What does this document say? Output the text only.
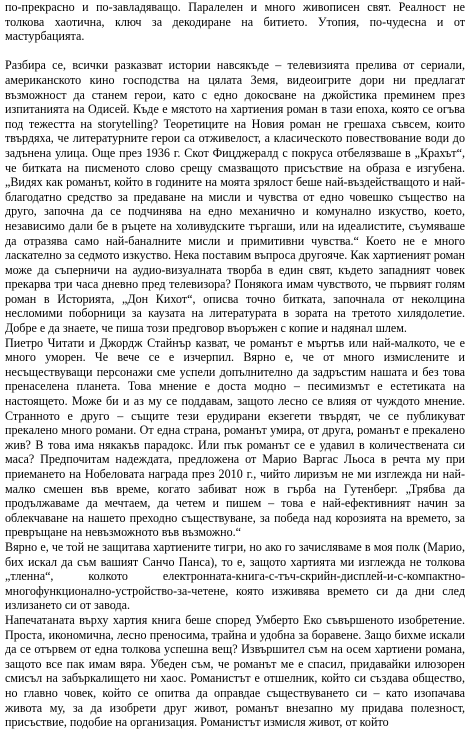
по-прекрасно и по-завладяващо. Паралелен и много живописен свят. Реалност не толкова хаотична, ключ за декодиране на битието. Утопия, по-чудесна и от мастурбацията.

Разбира се, всички разказват истории навсякъде – телевизията прелива от сериали, американското кино господства на цялата Земя, видеоигрите дори ни предлагат възможност да станем герои, като с едно докосване на джойстика преминем през изпитанията на Одисей. Къде е мястото на хартиения роман в тази епоха, която се огъва под тежестта на storytelling? Теоретиците на Новия роман не грешаха съвсем, които твърдяха, че литературните герои са отживелост, а класическото повествование води до задънена улица. Още през 1936 г. Скот Фицджералд с покруса отбелязваше в „Крахът“, че битката на писменото слово срещу смазващото присъствие на образа е изгубена. „Видях как романът, който в годините на моята зрялост беше най-въздействащото и най-благодатно средство за предаване на мисли и чувства от едно човешко същество на друго, започна да се подчинява на едно механично и комунално изкуство, което, независимо дали бе в ръцете на холивудските търгаши, или на идеалистите, съумяваше да отразява само най-баналните мисли и примитивни чувства.“ Което не е много ласкателно за седмото изкуство. Нека поставим въпроса другояче. Как хартиеният роман може да съперничи на аудио-визуалната творба в един свят, където западният човек прекарва три часа дневно пред телевизора? Понякога имам чувството, че първият голям роман в Историята, „Дон Кихот“, описва точно битката, започнала от неколцина несломими поборници за каузата на литературата в зората на третото хилядолетие. Добре е да знаете, че пиша този предговор въоръжен с копие и надянал шлем.

Пиетро Читати и Джордж Стайнър казват, че романът е мъртъв или най-малкото, че е много уморен. Че вече се е изчерпил. Вярно е, че от много измислените и несъществуващи персонажи сме успели допълнително да задръстим нашата и без това пренаселена планета. Това мнение е доста модно – песимизмът е естетиката на настоящето. Може би и аз му се поддавам, защото лесно се влияя от чуждото мнение. Странното е друго – същите тези ерудирани екзегети твърдят, че се публикуват прекалено много романи. От една страна, романът умира, от друга, романът е прекалено жив? В това има някакъв парадокс. Или пък романът се е удавил в количествената си маса? Предпочитам надеждата, предложена от Марио Варгас Льоса в речта му при приемането на Нобеловата награда през 2010 г., чийто лиризъм не ми изглежда ни най-малко смешен във време, когато забиват нож в гърба на Гутенберг. „Трябва да продължаваме да мечтаем, да четем и пишем – това е най-ефективният начин за облекчаване на нашето преходно съществуване, за победа над корозията на времето, за превръщане на невъзможното във възможно.“

Вярно е, че той не защитава хартиените тигри, но ако го зачисляваме в моя полк (Марио, бих искал да съм вашият Санчо Панса), то е, защото хартията ми изглежда не толкова „тленна“, колкото електронната-книга-с-тъч-скрийн-дисплей-и-с-компактно-многофункционално-устройство-за-четене, която изживява времето си да дни след излизането си от завода.

Напечатаната върху хартия книга беше според Умберто Еко съвършеното изобретение. Проста, икономична, лесно преносима, трайна и удобна за боравене. Защо бихме искали да се отървем от една толкова успешна вещ? Извършител съм на осем хартиени романа, защото все пак имам вяра. Убеден съм, че романът ме е спасил, придавайки илюзорен смисъл на забъркалището ни хаос. Романистът е отшелник, който си създава общество, но главно човек, който се опитва да оправдае съществуването си – като изопачава живота му, за да изобрети друг живот, романът внезапно му придава полезност, присъствие, подобие на организация. Романистът измисля живот, от който
